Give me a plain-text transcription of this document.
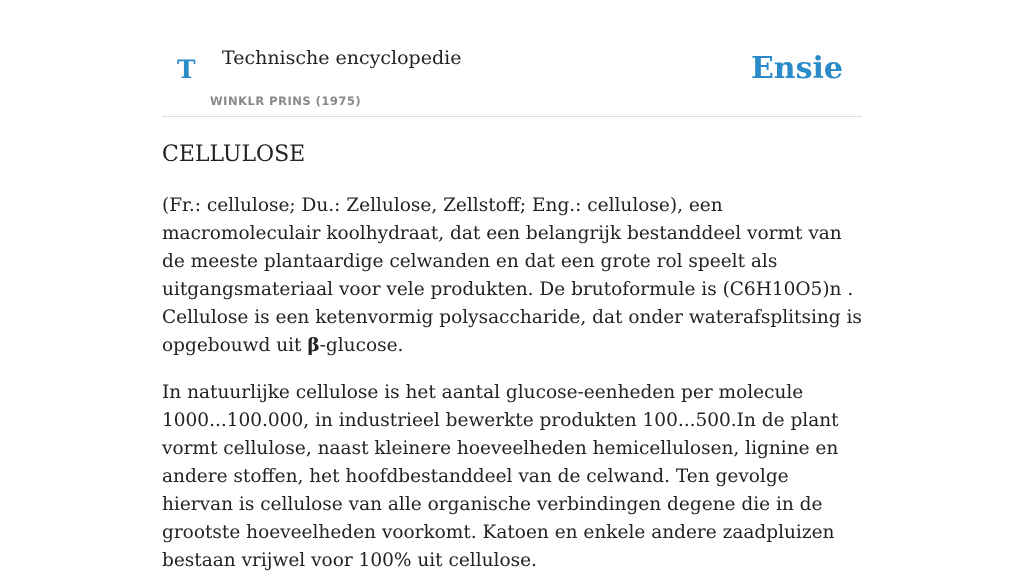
T Technische encyclopedie
WINKLR PRINS (1975)
Ensie
CELLULOSE

(Fr.: cellulose; Du.: Zellulose, Zellstoff; Eng.: cellulose), een macromoleculair koolhydraat, dat een belangrijk bestanddeel vormt van de meeste plantaardige celwanden en dat een grote rol speelt als uitgangsmateriaal voor vele produkten. De brutoformule is (C6H10O5)n . Cellulose is een ketenvormig polysaccharide, dat onder waterafsplitsing is opgebouwd uit β-glucose.

In natuurlijke cellulose is het aantal glucose-eenheden per molecule 1000...100.000, in industrieel bewerkte produkten 100...500.In de plant vormt cellulose, naast kleinere hoeveelheden hemicellulosen, lignine en andere stoffen, het hoofdbestanddeel van de celwand. Ten gevolge hiervan is cellulose van alle organische verbindingen degene die in de grootste hoeveelheden voorkomt. Katoen en enkele andere zaadpluizen bestaan vrijwel voor 100% uit cellulose.
